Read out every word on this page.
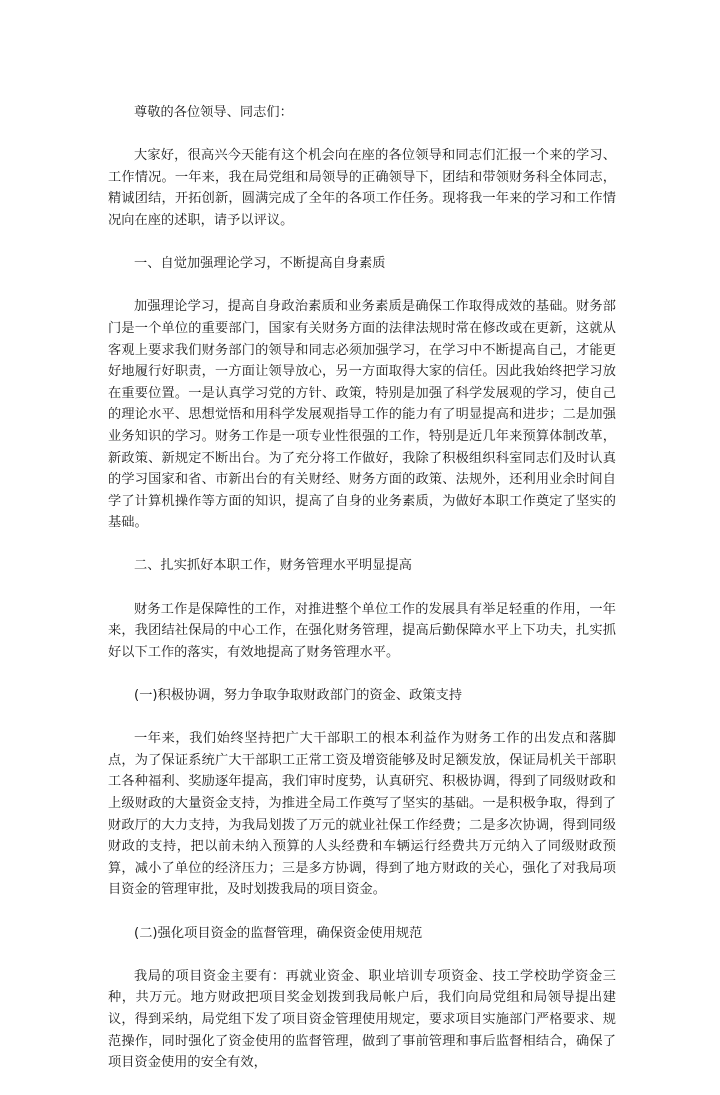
尊敬的各位领导、同志们：

大家好，很高兴今天能有这个机会向在座的各位领导和同志们汇报一个来的学习、工作情况。一年来，我在局党组和局领导的正确领导下，团结和带领财务科全体同志，精诚团结，开拓创新，圆满完成了全年的各项工作任务。现将我一年来的学习和工作情况向在座的述职，请予以评议。

一、自觉加强理论学习，不断提高自身素质

加强理论学习，提高自身政治素质和业务素质是确保工作取得成效的基础。财务部门是一个单位的重要部门，国家有关财务方面的法律法规时常在修改或在更新，这就从客观上要求我们财务部门的领导和同志必须加强学习，在学习中不断提高自己，才能更好地履行好职责，一方面让领导放心，另一方面取得大家的信任。因此我始终把学习放在重要位置。一是认真学习党的方针、政策，特别是加强了科学发展观的学习，使自己的理论水平、思想觉悟和用科学发展观指导工作的能力有了明显提高和进步；二是加强业务知识的学习。财务工作是一项专业性很强的工作，特别是近几年来预算体制改革，新政策、新规定不断出台。为了充分将工作做好，我除了积极组织科室同志们及时认真的学习国家和省、市新出台的有关财经、财务方面的政策、法规外，还利用业余时间自学了计算机操作等方面的知识，提高了自身的业务素质，为做好本职工作奠定了坚实的基础。

二、扎实抓好本职工作，财务管理水平明显提高

财务工作是保障性的工作，对推进整个单位工作的发展具有举足轻重的作用，一年来，我团结社保局的中心工作，在强化财务管理，提高后勤保障水平上下功夫，扎实抓好以下工作的落实，有效地提高了财务管理水平。

(一)积极协调，努力争取争取财政部门的资金、政策支持

一年来，我们始终坚持把广大干部职工的根本利益作为财务工作的出发点和落脚点，为了保证系统广大干部职工正常工资及增资能够及时足额发放，保证局机关干部职工各种福利、奖励逐年提高，我们审时度势，认真研究、积极协调，得到了同级财政和上级财政的大量资金支持，为推进全局工作奠写了坚实的基础。一是积极争取，得到了财政厅的大力支持，为我局划拨了万元的就业社保工作经费；二是多次协调，得到同级财政的支持，把以前未纳入预算的人头经费和车辆运行经费共万元纳入了同级财政预算，减小了单位的经济压力；三是多方协调，得到了地方财政的关心，强化了对我局项目资金的管理审批，及时划拨我局的项目资金。

(二)强化项目资金的监督管理，确保资金使用规范

我局的项目资金主要有：再就业资金、职业培训专项资金、技工学校助学资金三种，共万元。地方财政把项目奖金划拨到我局帐户后，我们向局党组和局领导提出建议，得到采纳，局党组下发了项目资金管理使用规定，要求项目实施部门严格要求、规范操作，同时强化了资金使用的监督管理，做到了事前管理和事后监督相结合，确保了项目资金使用的安全有效，
